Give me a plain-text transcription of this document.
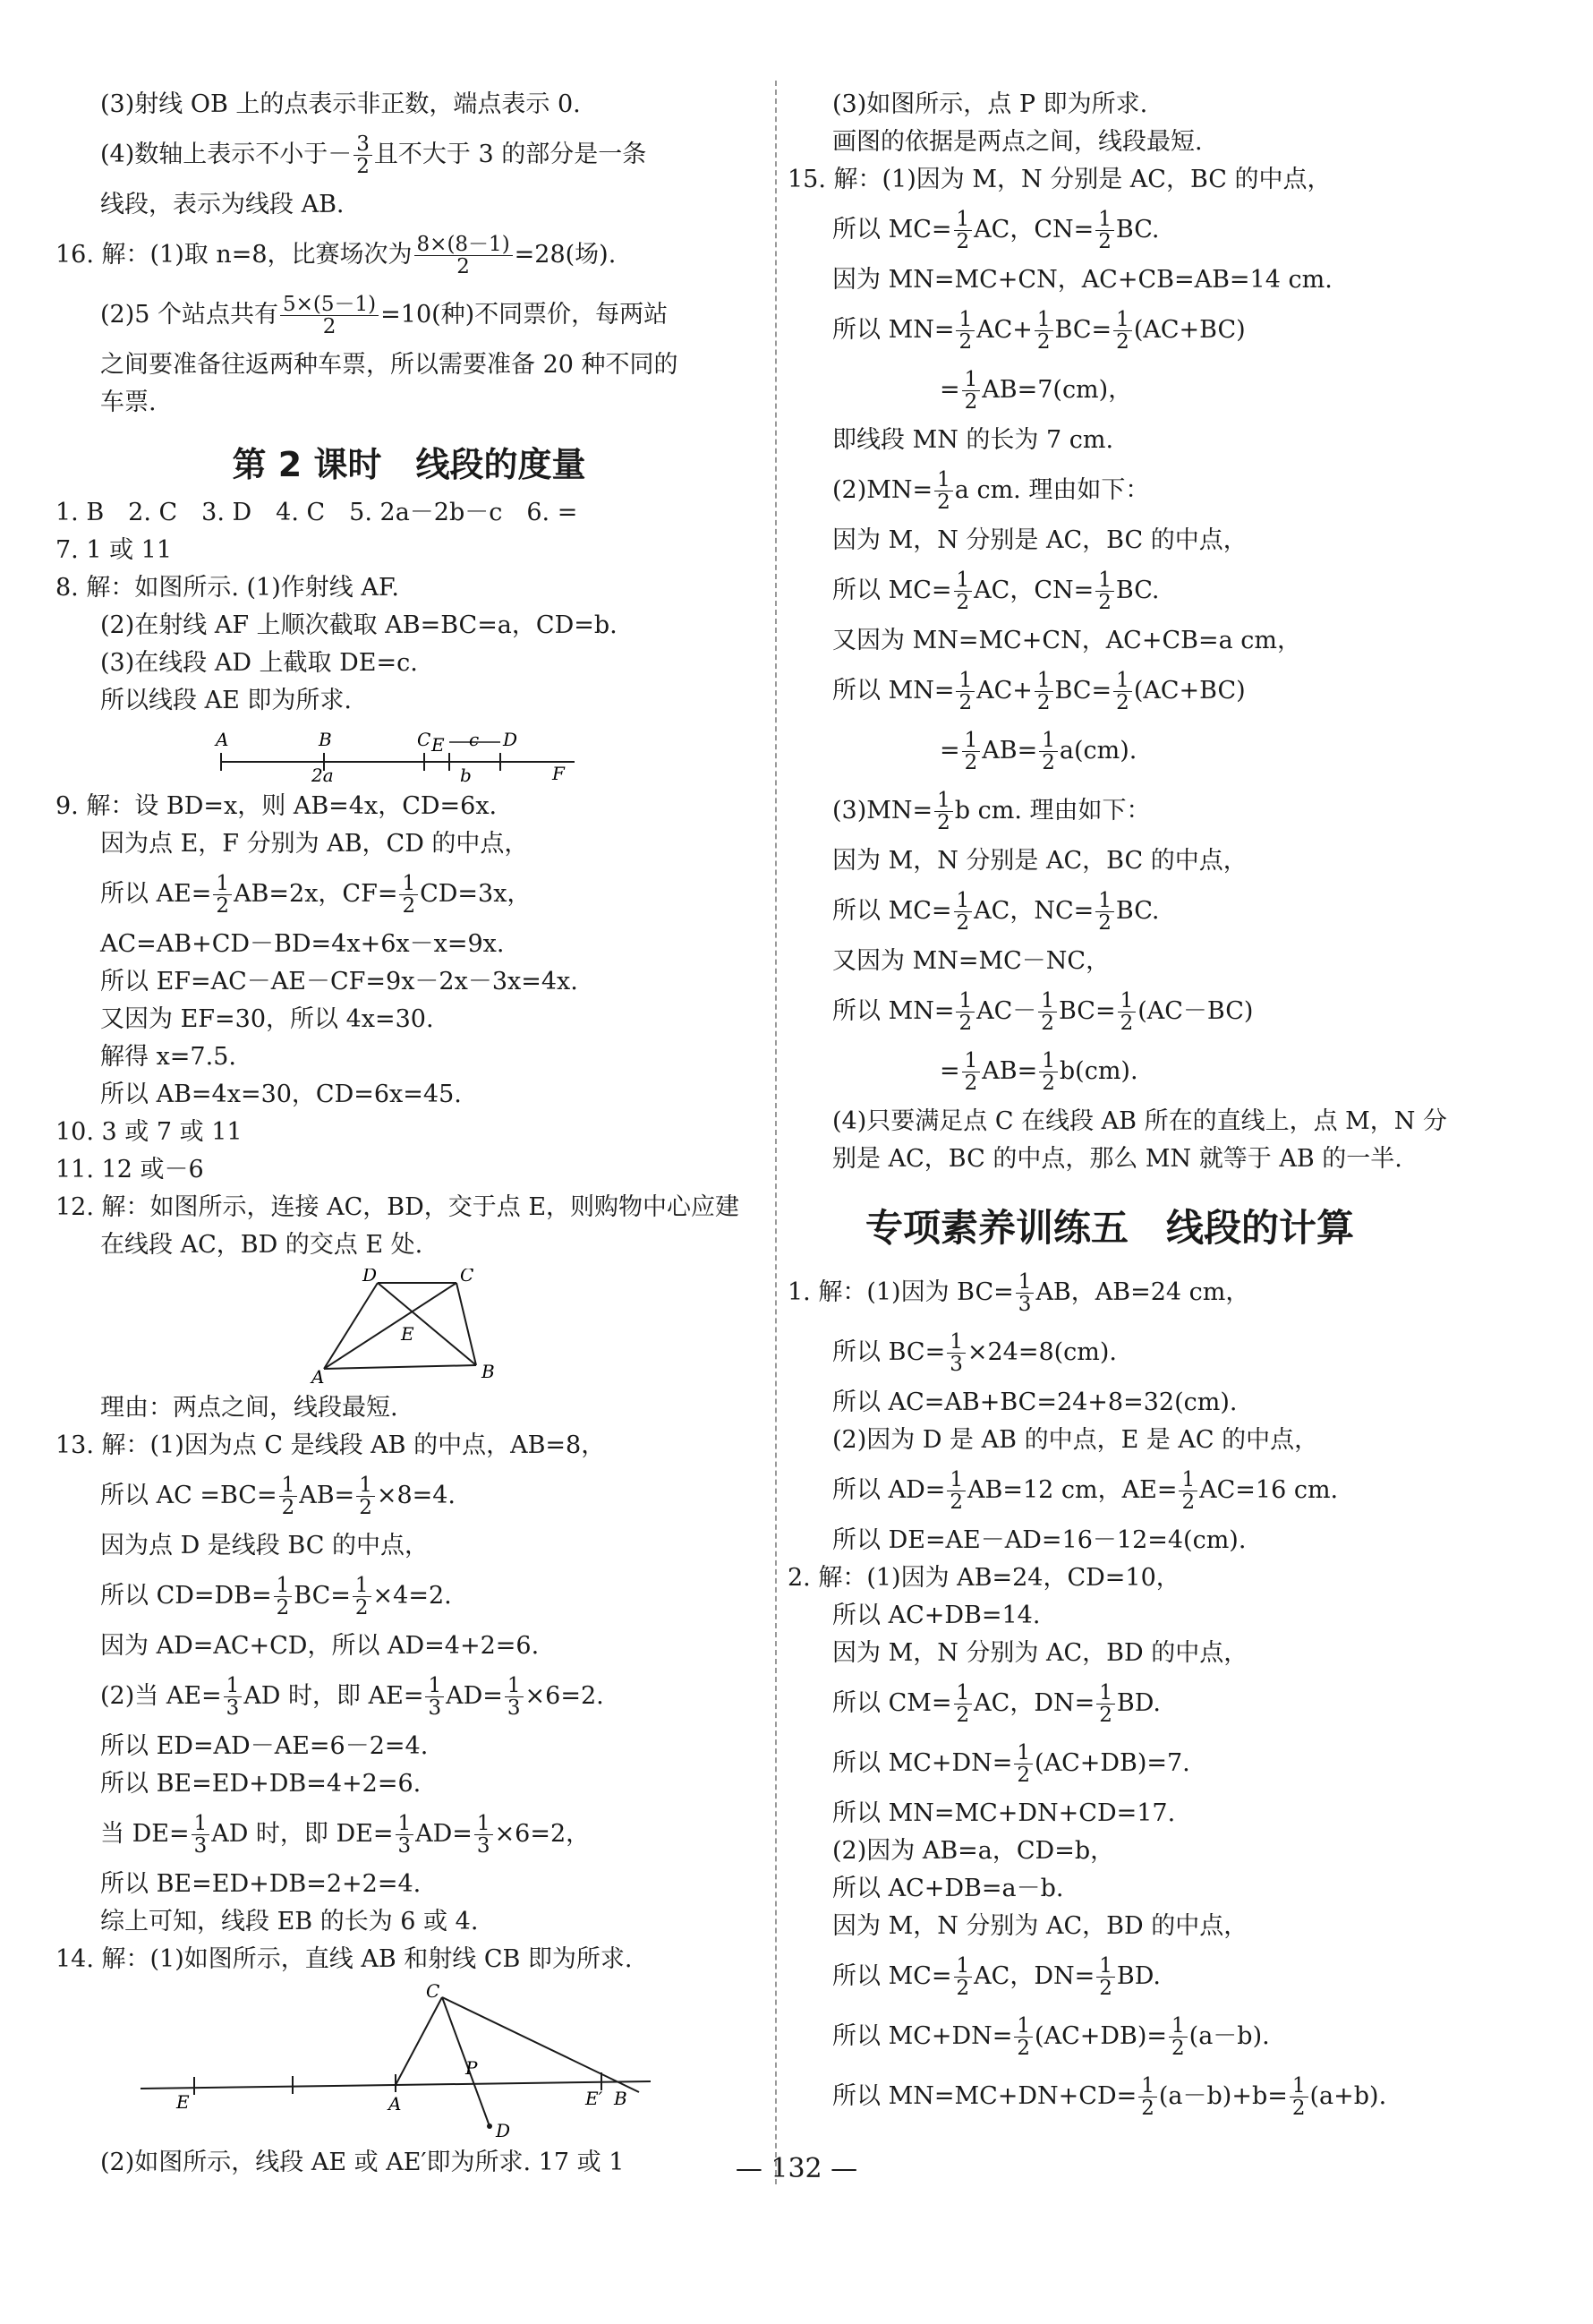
(3)射线 OB 上的点表示非正数，端点表示 0.
(4)数轴上表示不小于－ $\frac{3}{2}$ 且不大于 3 的部分是一条
线段，表示为线段 AB.
16. 解：(1)取 n=8，比赛场次为 $\frac{8\times(8-1)}{2} =28$(场).
(2)5 个站点共有 $\frac{5\times(5-1)}{2} =10$(种)不同票价，每两站
之间要准备往返两种车票，所以需要准备 20 种不同的
车票.
第 2 课时　线段的度量
1. B　2. C　3. D　4. C　5. 2a－2b－c　6. =
7. 1 或 11
8. 解：如图所示. (1)作射线 AF.
(2)在射线 AF 上顺次截取 AB=BC=a，CD=b.
(3)在线段 AD 上截取 DE=c.
所以线段 AE 即为所求.
A	B	C E	D
F
2a	b
c
9. 解：设 BD=x，则 AB=4x，CD=6x.
因为点 E，F 分别为 AB，CD 的中点，
所以 $AE= \frac{1}{2} AB=2x$，$CF= \frac{1}{2} CD=3x$，
AC=AB+CD－BD=4x+6x－x=9x.
所以 EF=AC－AE－CF=9x－2x－3x=4x.
又因为 EF=30，所以 4x=30.
解得 x=7.5.
所以 AB=4x=30，CD=6x=45.
10. 3 或 7 或 11
11. 12 或－6
12. 解：如图所示，连接 AC，BD，交于点 E，则购物中心应建
在线段 AC，BD 的交点 E 处.
D	C
A	B
E
理由：两点之间，线段最短.
13. 解：(1)因为点 C 是线段 AB 的中点，AB=8，
所以 AC $=BC= \frac{1}{2} AB= \frac{1}{2} \times 8=4$.
因为点 D 是线段 BC 的中点，
所以 $CD=DB= \frac{1}{2} BC= \frac{1}{2} \times 4=2$.
因为 AD=AC+CD，所以 AD=4+2=6.
(2)当 $AE= \frac{1}{3}$ AD 时，即 $AE= \frac{1}{3} AD= \frac{1}{3} \times 6=2$.
所以 ED=AD－AE=6－2=4.
所以 BE=ED+DB=4+2=6.
当 $DE= \frac{1}{3}$ AD 时，即 $DE= \frac{1}{3} AD= \frac{1}{3} \times 6=2$，
所以 BE=ED+DB=2+2=4.
综上可知，线段 EB 的长为 6 或 4.
14. 解：(1)如图所示，直线 AB 和射线 CB 即为所求.
C
E	A
P
E′ B
D
(2)如图所示，线段 AE 或 AE′即为所求. 17 或 1
(3)如图所示，点 P 即为所求.
画图的依据是两点之间，线段最短.
15. 解：(1)因为 M，N 分别是 AC，BC 的中点，
所以 $MC= \frac{1}{2}$ AC，$CN= \frac{1}{2}$ BC.
因为 MN=MC+CN，AC+CB=AB=14 cm.
所以 $MN= \frac{1}{2} AC+ \frac{1}{2} BC= \frac{1}{2} (AC+BC)$
= $\frac{1}{2} AB=7(cm)$，
即线段 MN 的长为 7 cm.
$(2)MN= \frac{1}{2}$ a cm. 理由如下：
因为 M，N 分别是 AC，BC 的中点，
所以 $MC= \frac{1}{2}$ AC，$CN= \frac{1}{2}$ BC.
又因为 MN=MC+CN，AC+CB=a cm，
所以 $MN= \frac{1}{2} AC+ \frac{1}{2} BC= \frac{1}{2} (AC+BC)$
= $\frac{1}{2} AB= \frac{1}{2} a(cm)$.
$(3)MN= \frac{1}{2}$ b cm. 理由如下：
因为 M，N 分别是 AC，BC 的中点，
所以 $MC= \frac{1}{2}$ AC，$NC= \frac{1}{2}$ BC.
又因为 MN=MC－NC，
所以 $MN= \frac{1}{2} AC- \frac{1}{2} BC= \frac{1}{2} (AC-BC)$
= $\frac{1}{2} AB= \frac{1}{2} b(cm)$.
(4)只要满足点 C 在线段 AB 所在的直线上，点 M，N 分
别是 AC，BC 的中点，那么 MN 就等于 AB 的一半.
专项素养训练五　线段的计算
1. 解：(1)因为 $BC= \frac{1}{3}$ AB，AB=24 cm，
所以 $BC= \frac{1}{3} \times 24=8(cm)$.
所以 AC=AB+BC=24+8=32(cm).
(2)因为 D 是 AB 的中点，E 是 AC 的中点，
所以 $AD= \frac{1}{2} AB=12$ cm，$AE= \frac{1}{2} AC=16$ cm.
所以 DE=AE－AD=16－12=4(cm).
2. 解：(1)因为 AB=24，CD=10，
所以 AC+DB=14.
因为 M，N 分别为 AC，BD 的中点，
所以 $CM= \frac{1}{2}$ AC，$DN= \frac{1}{2}$ BD.
所以 $MC+DN= \frac{1}{2} (AC+DB)=7$.
所以 MN=MC+DN+CD=17.
(2)因为 AB=a，CD=b，
所以 AC+DB=a－b.
因为 M，N 分别为 AC，BD 的中点，
所以 $MC= \frac{1}{2}$ AC，$DN= \frac{1}{2}$ BD.
所以 $MC+DN= \frac{1}{2} (AC+DB)= \frac{1}{2} (a-b)$.
所以 $MN=MC+DN+CD= \frac{1}{2} (a-b)+b= \frac{1}{2} (a+b)$.
— 132 —
